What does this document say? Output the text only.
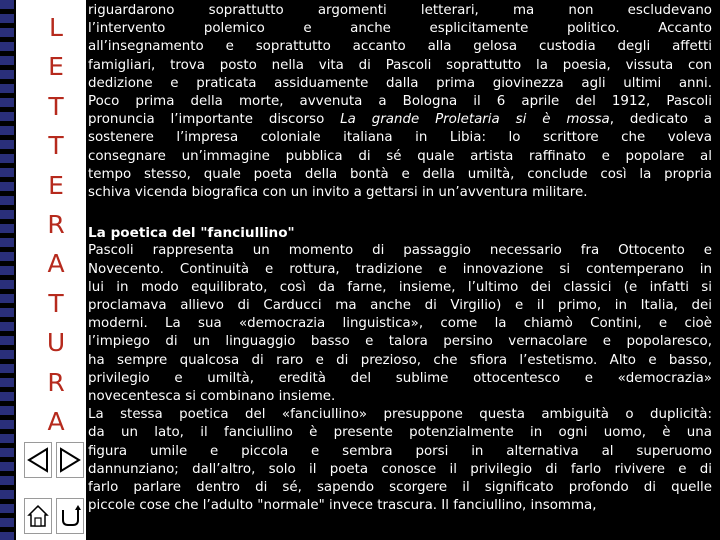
L
E
T
T
E
R
A
T
U
R
A
riguardarono soprattutto argomenti letterari, ma non escludevano
l’intervento polemico e anche esplicitamente politico. Accanto
all’insegnamento e soprattutto accanto alla gelosa custodia degli affetti
famigliari, trova posto nella vita di Pascoli soprattutto la poesia, vissuta con
dedizione e praticata assiduamente dalla prima giovinezza agli ultimi anni.
Poco prima della morte, avvenuta a Bologna il 6 aprile del 1912, Pascoli
pronuncia l’importante discorso La grande Proletaria si è mossa, dedicato a
sostenere l’impresa coloniale italiana in Libia: lo scrittore che voleva
consegnare un’immagine pubblica di sé quale artista raffinato e popolare al
tempo stesso, quale poeta della bontà e della umiltà, conclude così la propria
schiva vicenda biografica con un invito a gettarsi in un’avventura militare.
La poetica del "fanciullino"
Pascoli rappresenta un momento di passaggio necessario fra Ottocento e
Novecento. Continuità e rottura, tradizione e innovazione si contemperano in
lui in modo equilibrato, così da farne, insieme, l’ultimo dei classici (e infatti si
proclamava allievo di Carducci ma anche di Virgilio) e il primo, in Italia, dei
moderni. La sua «democrazia linguistica», come la chiamò Contini, e cioè
l’impiego di un linguaggio basso e talora persino vernacolare e popolaresco,
ha sempre qualcosa di raro e di prezioso, che sfiora l’estetismo. Alto e basso,
privilegio e umiltà, eredità del sublime ottocentesco e «democrazia»
novecentesca si combinano insieme.
La stessa poetica del «fanciullino» presuppone questa ambiguità o duplicità:
da un lato, il fanciullino è presente potenzialmente in ogni uomo, è una
figura umile e piccola e sembra porsi in alternativa al superuomo
dannunziano; dall’altro, solo il poeta conosce il privilegio di farlo rivivere e di
farlo parlare dentro di sé, sapendo scorgere il significato profondo di quelle
piccole cose che l’adulto "normale" invece trascura. Il fanciullino, insomma,
